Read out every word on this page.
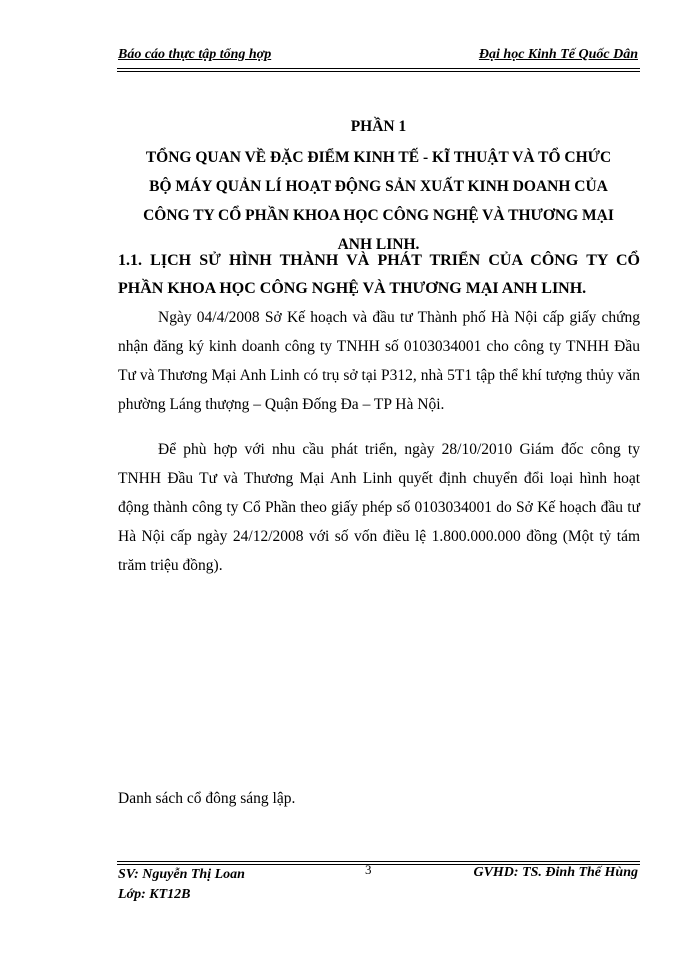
Báo cáo thực tập tổng hợp	Đại học Kinh Tế Quốc Dân
PHẦN 1
TỔNG QUAN VỀ ĐẶC ĐIỂM KINH TẾ - KĨ THUẬT VÀ TỔ CHỨC
BỘ MÁY QUẢN LÍ HOẠT ĐỘNG SẢN XUẤT KINH DOANH CỦA
CÔNG TY CỔ PHẦN KHOA HỌC CÔNG NGHỆ VÀ THƯƠNG MẠI
ANH LINH.
1.1. LỊCH SỬ HÌNH THÀNH VÀ PHÁT TRIỂN CỦA CÔNG TY CỔ PHẦN KHOA HỌC CÔNG NGHỆ VÀ THƯƠNG MẠI ANH LINH.
Ngày 04/4/2008 Sở Kế hoạch và đầu tư Thành phố Hà Nội cấp giấy chứng nhận đăng ký kinh doanh công ty TNHH số 0103034001 cho công ty TNHH Đầu Tư và Thương Mại Anh Linh có trụ sở tại P312, nhà 5T1 tập thể khí tượng thủy văn phường Láng thượng – Quận Đống Đa – TP Hà Nội.
Để phù hợp với nhu cầu phát triển, ngày 28/10/2010 Giám đốc công ty TNHH Đầu Tư và Thương Mại Anh Linh quyết định chuyển đổi loại hình hoạt động thành công ty Cổ Phần theo giấy phép số 0103034001 do Sở Kế hoạch đầu tư Hà Nội cấp ngày 24/12/2008 với số vốn điều lệ 1.800.000.000 đồng (Một tỷ tám trăm triệu đồng).
Danh sách cổ đông sáng lập.
SV: Nguyễn Thị Loan
Lớp: KT12B
3	GVHD: TS. Đinh Thế Hùng
